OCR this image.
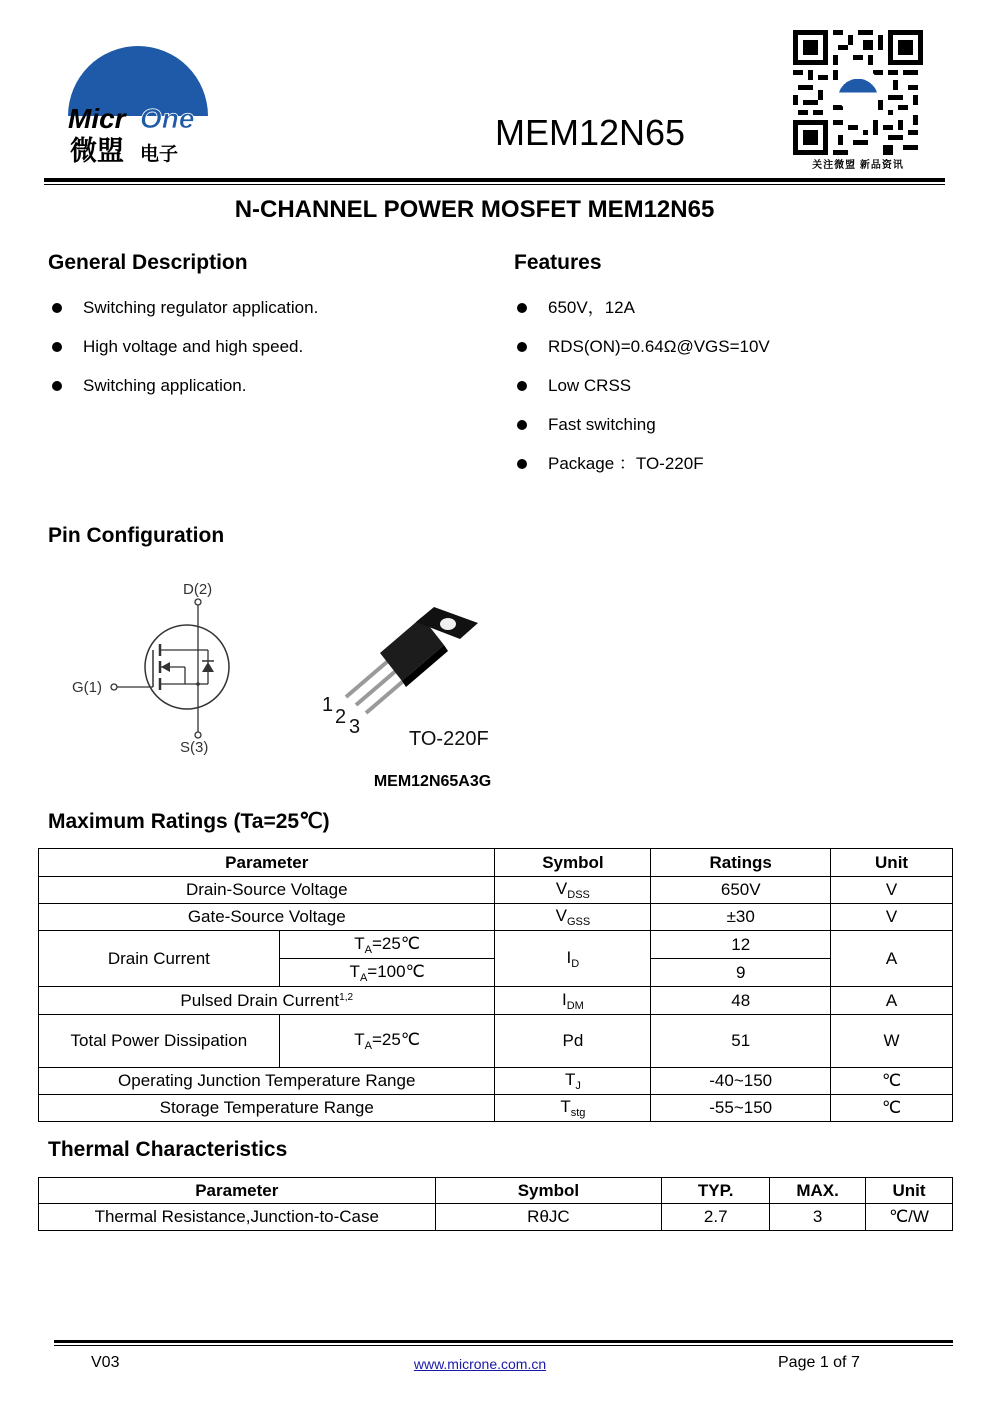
Micr One
微盟 电子
MEM12N65
关注微盟 新品资讯
N-CHANNEL POWER MOSFET MEM12N65
General Description
Switching regulator application.
High voltage and high speed.
Switching application.
Features
650V，12A
RDS(ON)=0.64Ω@VGS=10V
Low CRSS
Fast switching
Package ：TO-220F
Pin Configuration
D(2)
S(3)
G(1)
1
2 3
TO-220F
MEM12N65A3G
Maximum Ratings (Ta=25℃)
Parameter		Symbol	Ratings	Unit
Drain-Source Voltage		$V_{DSS}$	650V	V
Gate-Source Voltage		$V_{GSS}$	±30	V
Drain Current	$T_A=25℃$	$I_D$	12	A
	$T_A=100℃$		9	
Pulsed Drain Current$^{1,2}$		$I_{DM}$	48	A
Total Power Dissipation	$T_A=25℃$	Pd	51	W
Operating Junction Temperature Range		$T_J$	-40~150	℃
Storage Temperature Range		$T_{stg}$	-55~150	℃
Thermal Characteristics
Parameter	Symbol	TYP.	MAX.	Unit
Thermal Resistance,Junction-to-Case	RθJC	2.7	3	℃/W
V03	www.microne.com.cn	Page 1 of 7
